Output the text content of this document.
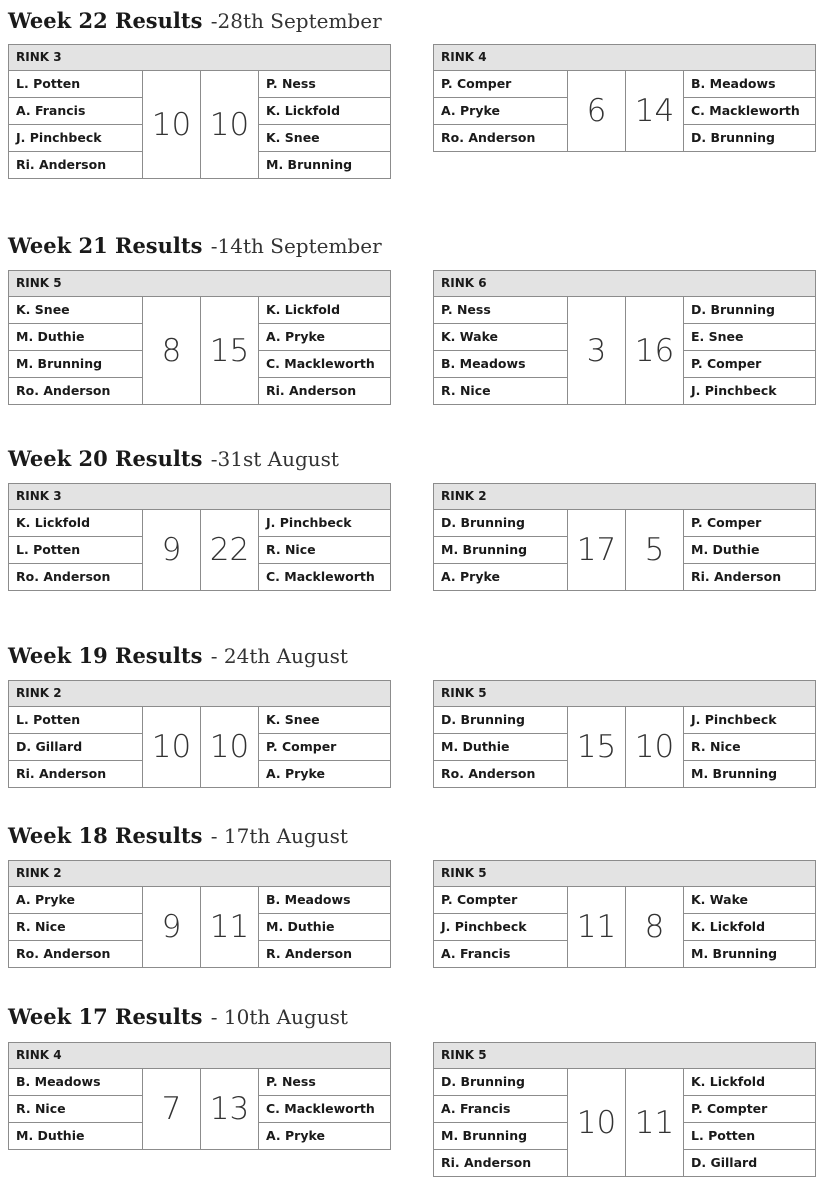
Week 22 Results -28th September
RINK 3
L. Potten
A. Francis
J. Pinchbeck
Ri. Anderson
10 10
P. Ness
K. Lickfold
K. Snee
M. Brunning
RINK 4
P. Comper
A. Pryke
Ro. Anderson
6 14
B. Meadows
C. Mackleworth
D. Brunning
Week 21 Results -14th September
RINK 5
K. Snee
M. Duthie
M. Brunning
Ro. Anderson
8 15
K. Lickfold
A. Pryke
C. Mackleworth
Ri. Anderson
RINK 6
P. Ness
K. Wake
B. Meadows
R. Nice
3 16
D. Brunning
E. Snee
P. Comper
J. Pinchbeck
Week 20 Results -31st August
RINK 3
K. Lickfold
L. Potten
Ro. Anderson
9 22
J. Pinchbeck
R. Nice
C. Mackleworth
RINK 2
D. Brunning
M. Brunning
A. Pryke
17 5
P. Comper
M. Duthie
Ri. Anderson
Week 19 Results - 24th August
RINK 2
L. Potten
D. Gillard
Ri. Anderson
10 10
K. Snee
P. Comper
A. Pryke
RINK 5
D. Brunning
M. Duthie
Ro. Anderson
15 10
J. Pinchbeck
R. Nice
M. Brunning
Week 18 Results - 17th August
RINK 2
A. Pryke
R. Nice
Ro. Anderson
9 11
B. Meadows
M. Duthie
R. Anderson
RINK 5
P. Compter
J. Pinchbeck
A. Francis
11 8
K. Wake
K. Lickfold
M. Brunning
Week 17 Results - 10th August
RINK 4
B. Meadows
R. Nice
M. Duthie
7 13
P. Ness
C. Mackleworth
A. Pryke
RINK 5
D. Brunning
A. Francis
M. Brunning
Ri. Anderson
10 11
K. Lickfold
P. Compter
L. Potten
D. Gillard
